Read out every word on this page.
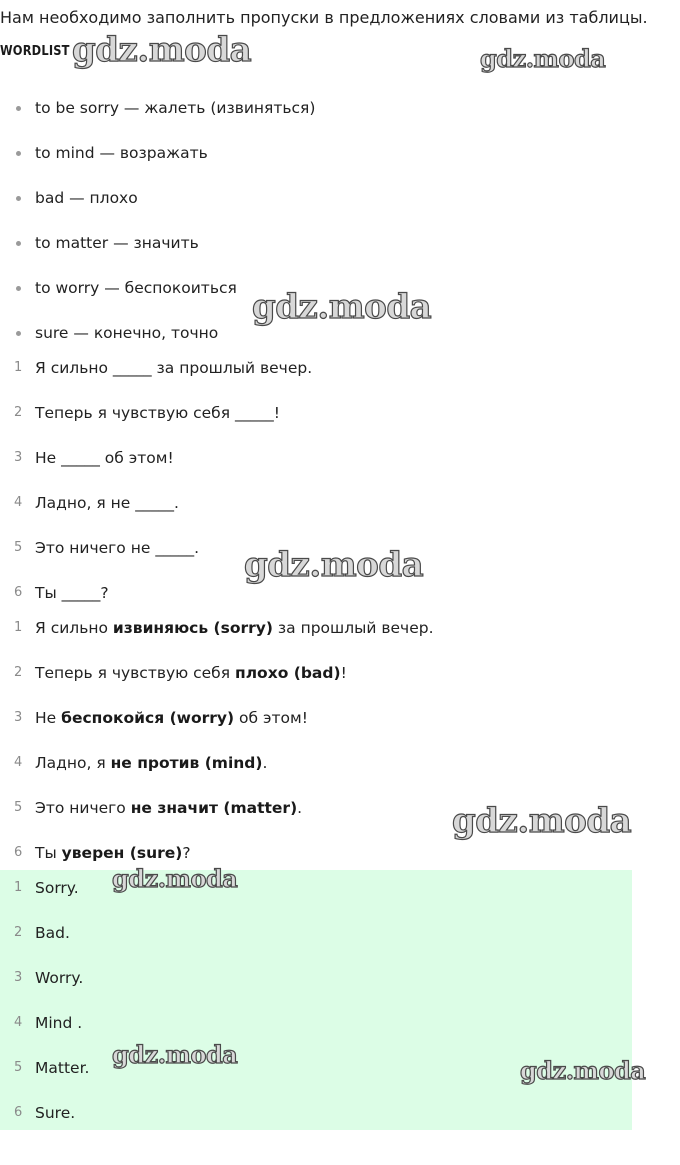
Нам необходимо заполнить пропуски в предложениях словами из таблицы.
WORDLIST
to be sorry — жалеть (извиняться)
to mind — возражать
bad — плохо
to matter — значить
to worry — беспокоиться
sure — конечно, точно
1 Я сильно _____ за прошлый вечер.
2 Теперь я чувствую себя _____!
3 Не _____ об этом!
4 Ладно, я не _____.
5 Это ничего не _____.
6 Ты _____?
1 Я сильно извиняюсь (sorry) за прошлый вечер.
2 Теперь я чувствую себя плохо (bad)!
3 Не беспокойся (worry) об этом!
4 Ладно, я не против (mind).
5 Это ничего не значит (matter).
6 Ты уверен (sure)?
1 Sorry.
2 Bad.
3 Worry.
4 Mind .
5 Matter.
6 Sure.
gdz.moda	gdz.moda
gdz.moda
gdz.moda
gdz.moda
gdz.moda
gdz.moda
gdz.moda
